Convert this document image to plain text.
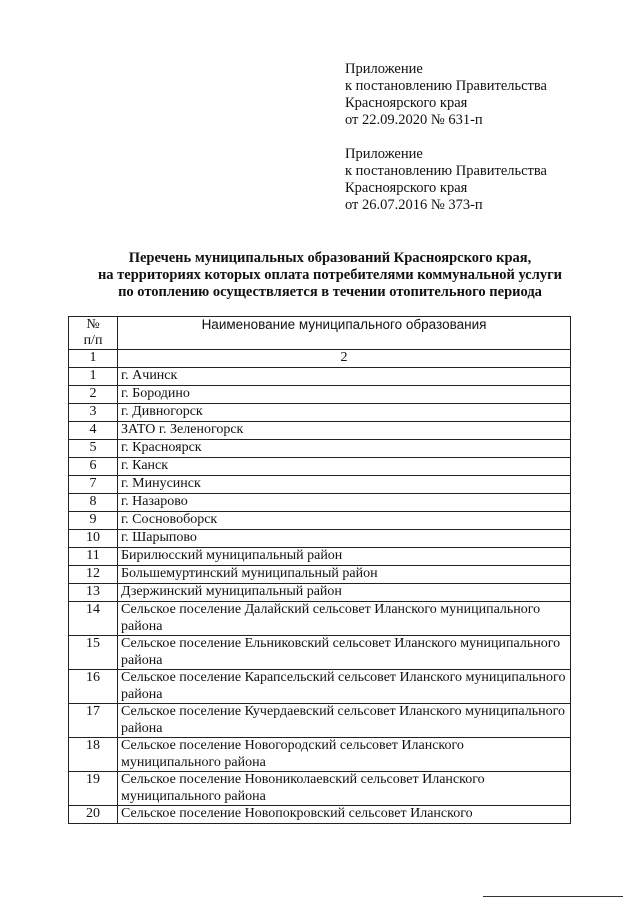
Приложение
к постановлению Правительства
Красноярского края
от 22.09.2020 № 631-п
Приложение
к постановлению Правительства
Красноярского края
от 26.07.2016 № 373-п
Перечень муниципальных образований Красноярского края,
на территориях которых оплата потребителями коммунальной услуги
по отоплению осуществляется в течении отопительного периода
№
п/п	Наименование муниципального образования
1	2
1	г. Ачинск
2	г. Бородино
3	г. Дивногорск
4	ЗАТО г. Зеленогорск
5	г. Красноярск
6	г. Канск
7	г. Минусинск
8	г. Назарово
9	г. Сосновоборск
10	г. Шарыпово
11	Бирилюсский муниципальный район
12	Большемуртинский муниципальный район
13	Дзержинский муниципальный район
14	Сельское поселение Далайский сельсовет Иланского муниципального района
15	Сельское поселение Ельниковский сельсовет Иланского муниципального района
16	Сельское поселение Карапсельский сельсовет Иланского муниципального района
17	Сельское поселение Кучердаевский сельсовет Иланского муниципального района
18	Сельское поселение Новогородский сельсовет Иланского муниципального района
19	Сельское поселение Новониколаевский сельсовет Иланского муниципального района
20	Сельское поселение Новопокровский сельсовет Иланского
